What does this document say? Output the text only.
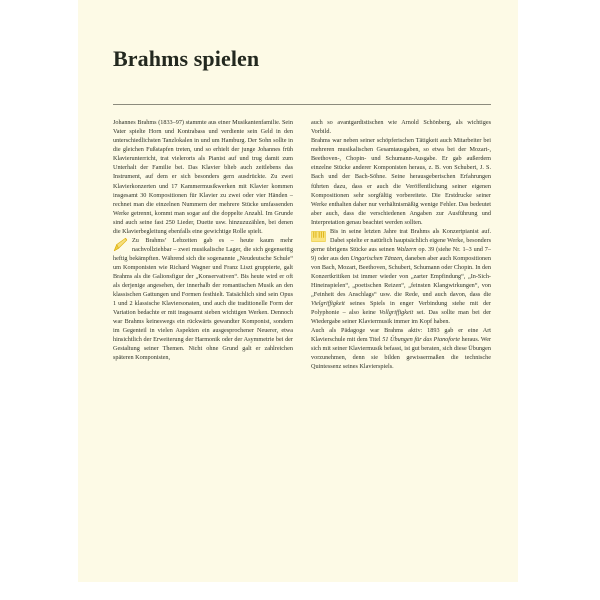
Brahms spielen

Johannes Brahms (1833–97) stammte aus einer Musikantenfamilie. Sein Vater spielte Horn und Kontrabass und verdiente sein Geld in den unterschiedlichsten Tanzlokalen in und um Hamburg. Der Sohn sollte in die gleichen Fußstapfen treten, und so erhielt der junge Johannes früh Klavierunterricht, trat vielerorts als Pianist auf und trug damit zum Unterhalt der Familie bei. Das Klavier blieb auch zeitlebens das Instrument, auf dem er sich besonders gern ausdrückte. Zu zwei Klavierkonzerten und 17 Kammermusikwerken mit Klavier kommen insgesamt 30 Kompositionen für Klavier zu zwei oder vier Händen – rechnet man die einzelnen Nummern der mehrere Stücke umfassenden Werke getrennt, kommt man sogar auf die doppelte Anzahl. Im Grunde sind auch seine fast 250 Lieder, Duette usw. hinzuzuzählen, bei denen die Klavierbegleitung ebenfalls eine gewichtige Rolle spielt.

Zu Brahms’ Lebzeiten gab es – heute kaum mehr nachvollziehbar – zwei musikalische Lager, die sich gegenseitig heftig bekämpften. Während sich die sogenannte „Neudeutsche Schule“ um Komponisten wie Richard Wagner und Franz Liszt gruppierte, galt Brahms als die Galionsfigur der „Konservativen“. Bis heute wird er oft als derjenige angesehen, der innerhalb der romantischen Musik an den klassischen Gattungen und Formen festhielt. Tatsächlich sind sein Opus 1 und 2 klassische Klaviersonaten, und auch die traditionelle Form der Variation bedachte er mit insgesamt sieben wichtigen Werken. Dennoch war Brahms keineswegs ein rückwärts gewandter Komponist, sondern im Gegenteil in vielen Aspekten ein ausgesprochener Neuerer, etwa hinsichtlich der Erweiterung der Harmonik oder der Asymmetrie bei der Gestaltung seiner Themen. Nicht ohne Grund galt er zahlreichen späteren Komponisten,

auch so avantgardistischen wie Arnold Schönberg, als wichtiges Vorbild.

Brahms war neben seiner schöpferischen Tätigkeit auch Mitarbeiter bei mehreren musikalischen Gesamtausgaben, so etwa bei der Mozart-, Beethoven-, Chopin- und Schumann-Ausgabe. Er gab außerdem einzelne Stücke anderer Komponisten heraus, z. B. von Schubert, J. S. Bach und der Bach-Söhne. Seine herausgeberischen Erfahrungen führten dazu, dass er auch die Veröffentlichung seiner eigenen Kompositionen sehr sorgfältig vorbereitete. Die Erstdrucke seiner Werke enthalten daher nur verhältnismäßig wenige Fehler. Das bedeutet aber auch, dass die verschiedenen Angaben zur Ausführung und Interpretation genau beachtet werden sollten.

Bis in seine letzten Jahre trat Brahms als Konzertpianist auf. Dabei spielte er natürlich hauptsächlich eigene Werke, besonders gerne übrigens Stücke aus seinen Walzern op. 39 (siehe Nr. 1–3 und 7–9) oder aus den Ungarischen Tänzen, daneben aber auch Kompositionen von Bach, Mozart, Beethoven, Schubert, Schumann oder Chopin. In den Konzertkritiken ist immer wieder von „zarter Empfindung“, „In-Sich-Hineinspielen“, „poetischen Reizen“, „feinsten Klangwirkungen“, von „Feinheit des Anschlags“ usw. die Rede, und auch davon, dass die Vielgriffigkeit seines Spiels in enger Verbindung stehe mit der Polyphonie – also keine Vollgriffigkeit sei. Das sollte man bei der Wiedergabe seiner Klaviermusik immer im Kopf haben.

Auch als Pädagoge war Brahms aktiv: 1893 gab er eine Art Klavierschule mit dem Titel 51 Übungen für das Pianoforte heraus. Wer sich mit seiner Klaviermusik befasst, ist gut beraten, sich diese Übungen vorzunehmen, denn sie bilden gewissermaßen die technische Quintessenz seines Klavierspiels.
